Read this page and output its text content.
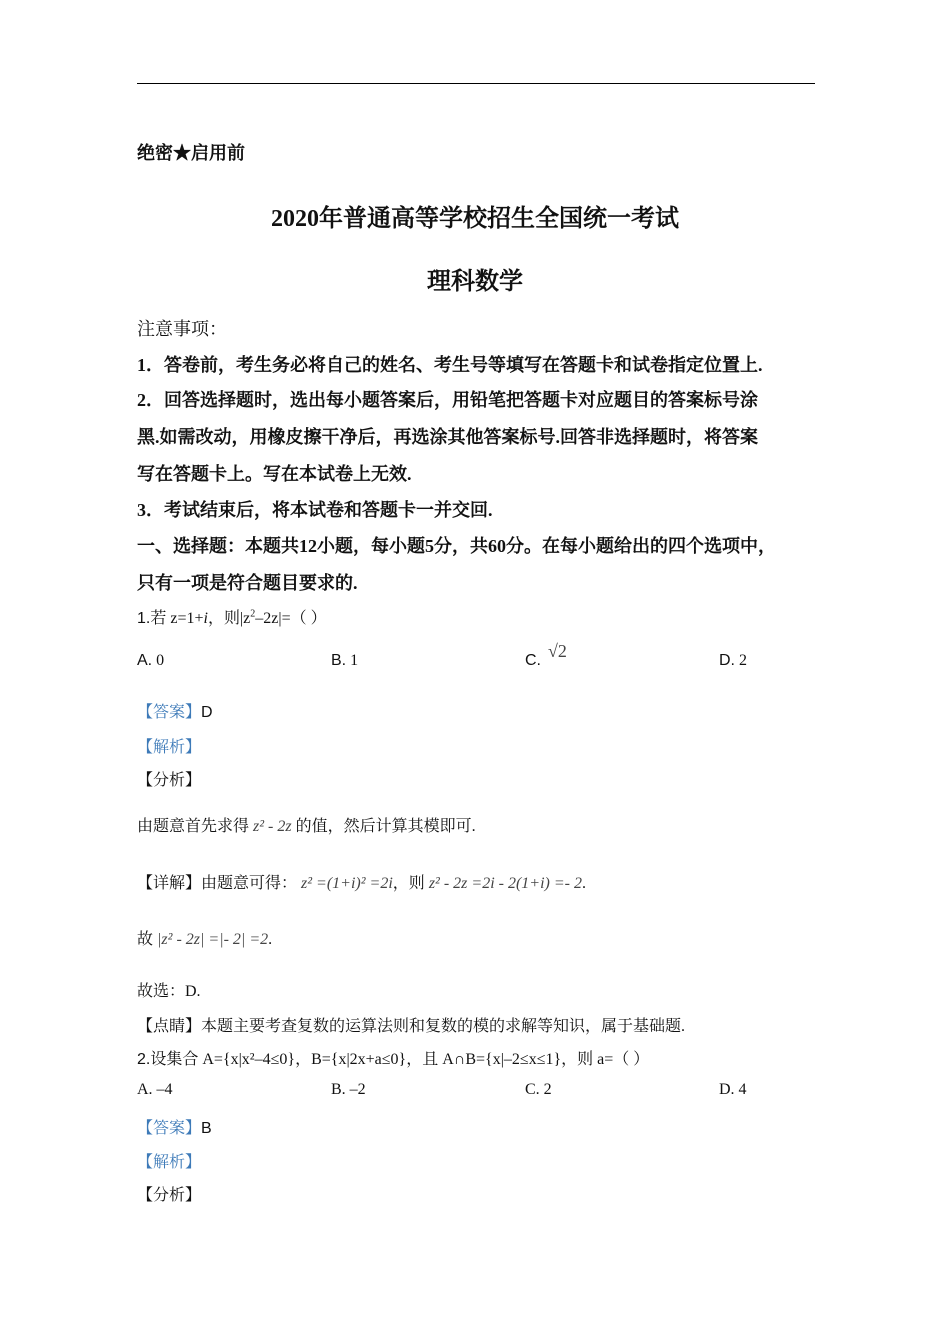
绝密★启用前
2020年普通高等学校招生全国统一考试
理科数学
注意事项：
1．答卷前，考生务必将自己的姓名、考生号等填写在答题卡和试卷指定位置上.
2．回答选择题时，选出每小题答案后，用铅笔把答题卡对应题目的答案标号涂
黑.如需改动，用橡皮擦干净后，再选涂其他答案标号.回答非选择题时，将答案
写在答题卡上。写在本试卷上无效.
3．考试结束后，将本试卷和答题卡一并交回.
一、选择题：本题共12小题，每小题5分，共60分。在每小题给出的四个选项中，
只有一项是符合题目要求的.
1.若 z=1+i，则$|z^2-2z|=$（ ）
A. 0	B. 1	C. √2	D. 2
【答案】D
【解析】
【分析】
由题意首先求得 z² - 2z 的值，然后计算其模即可.
【详解】由题意可得： z² =(1+i)² =2i，则 z² - 2z =2i - 2(1+i) =- 2.
故 |z² - 2z| =|- 2| =2.
故选：D.
【点睛】本题主要考查复数的运算法则和复数的模的求解等知识，属于基础题.
2.设集合 A={x|x²–4≤0}，B={x|2x+a≤0}，且 A∩B={x|–2≤x≤1}，则 a=（ ）
A. –4	B. –2	C. 2	D. 4
【答案】B
【解析】
【分析】
